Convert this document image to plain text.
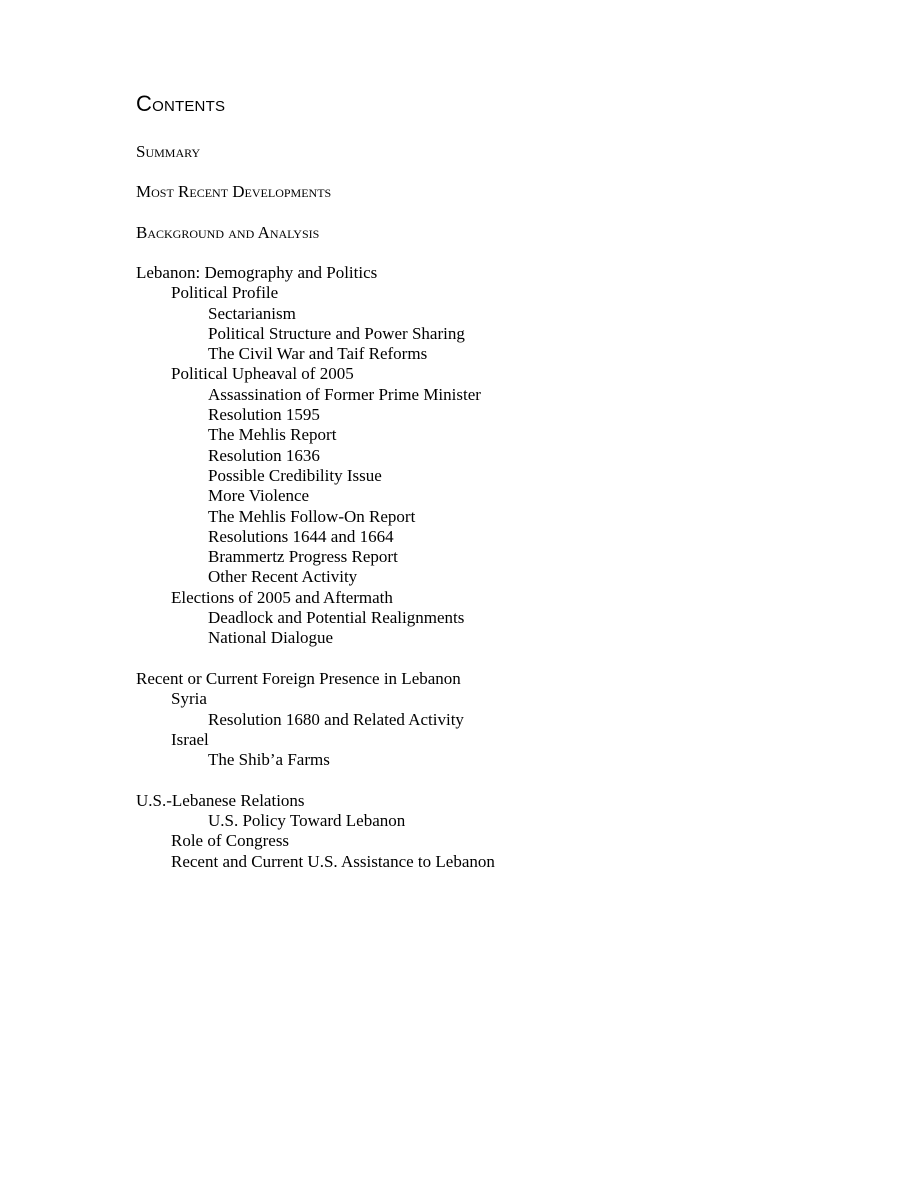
Contents

Summary

Most Recent Developments

Background and Analysis

Lebanon: Demography and Politics
Political Profile
Sectarianism
Political Structure and Power Sharing
The Civil War and Taif Reforms
Political Upheaval of 2005
Assassination of Former Prime Minister
Resolution 1595
The Mehlis Report
Resolution 1636
Possible Credibility Issue
More Violence
The Mehlis Follow-On Report
Resolutions 1644 and 1664
Brammertz Progress Report
Other Recent Activity
Elections of 2005 and Aftermath
Deadlock and Potential Realignments
National Dialogue
Recent or Current Foreign Presence in Lebanon
Syria
Resolution 1680 and Related Activity
Israel
The Shib’a Farms
U.S.-Lebanese Relations
U.S. Policy Toward Lebanon
Role of Congress
Recent and Current U.S. Assistance to Lebanon
